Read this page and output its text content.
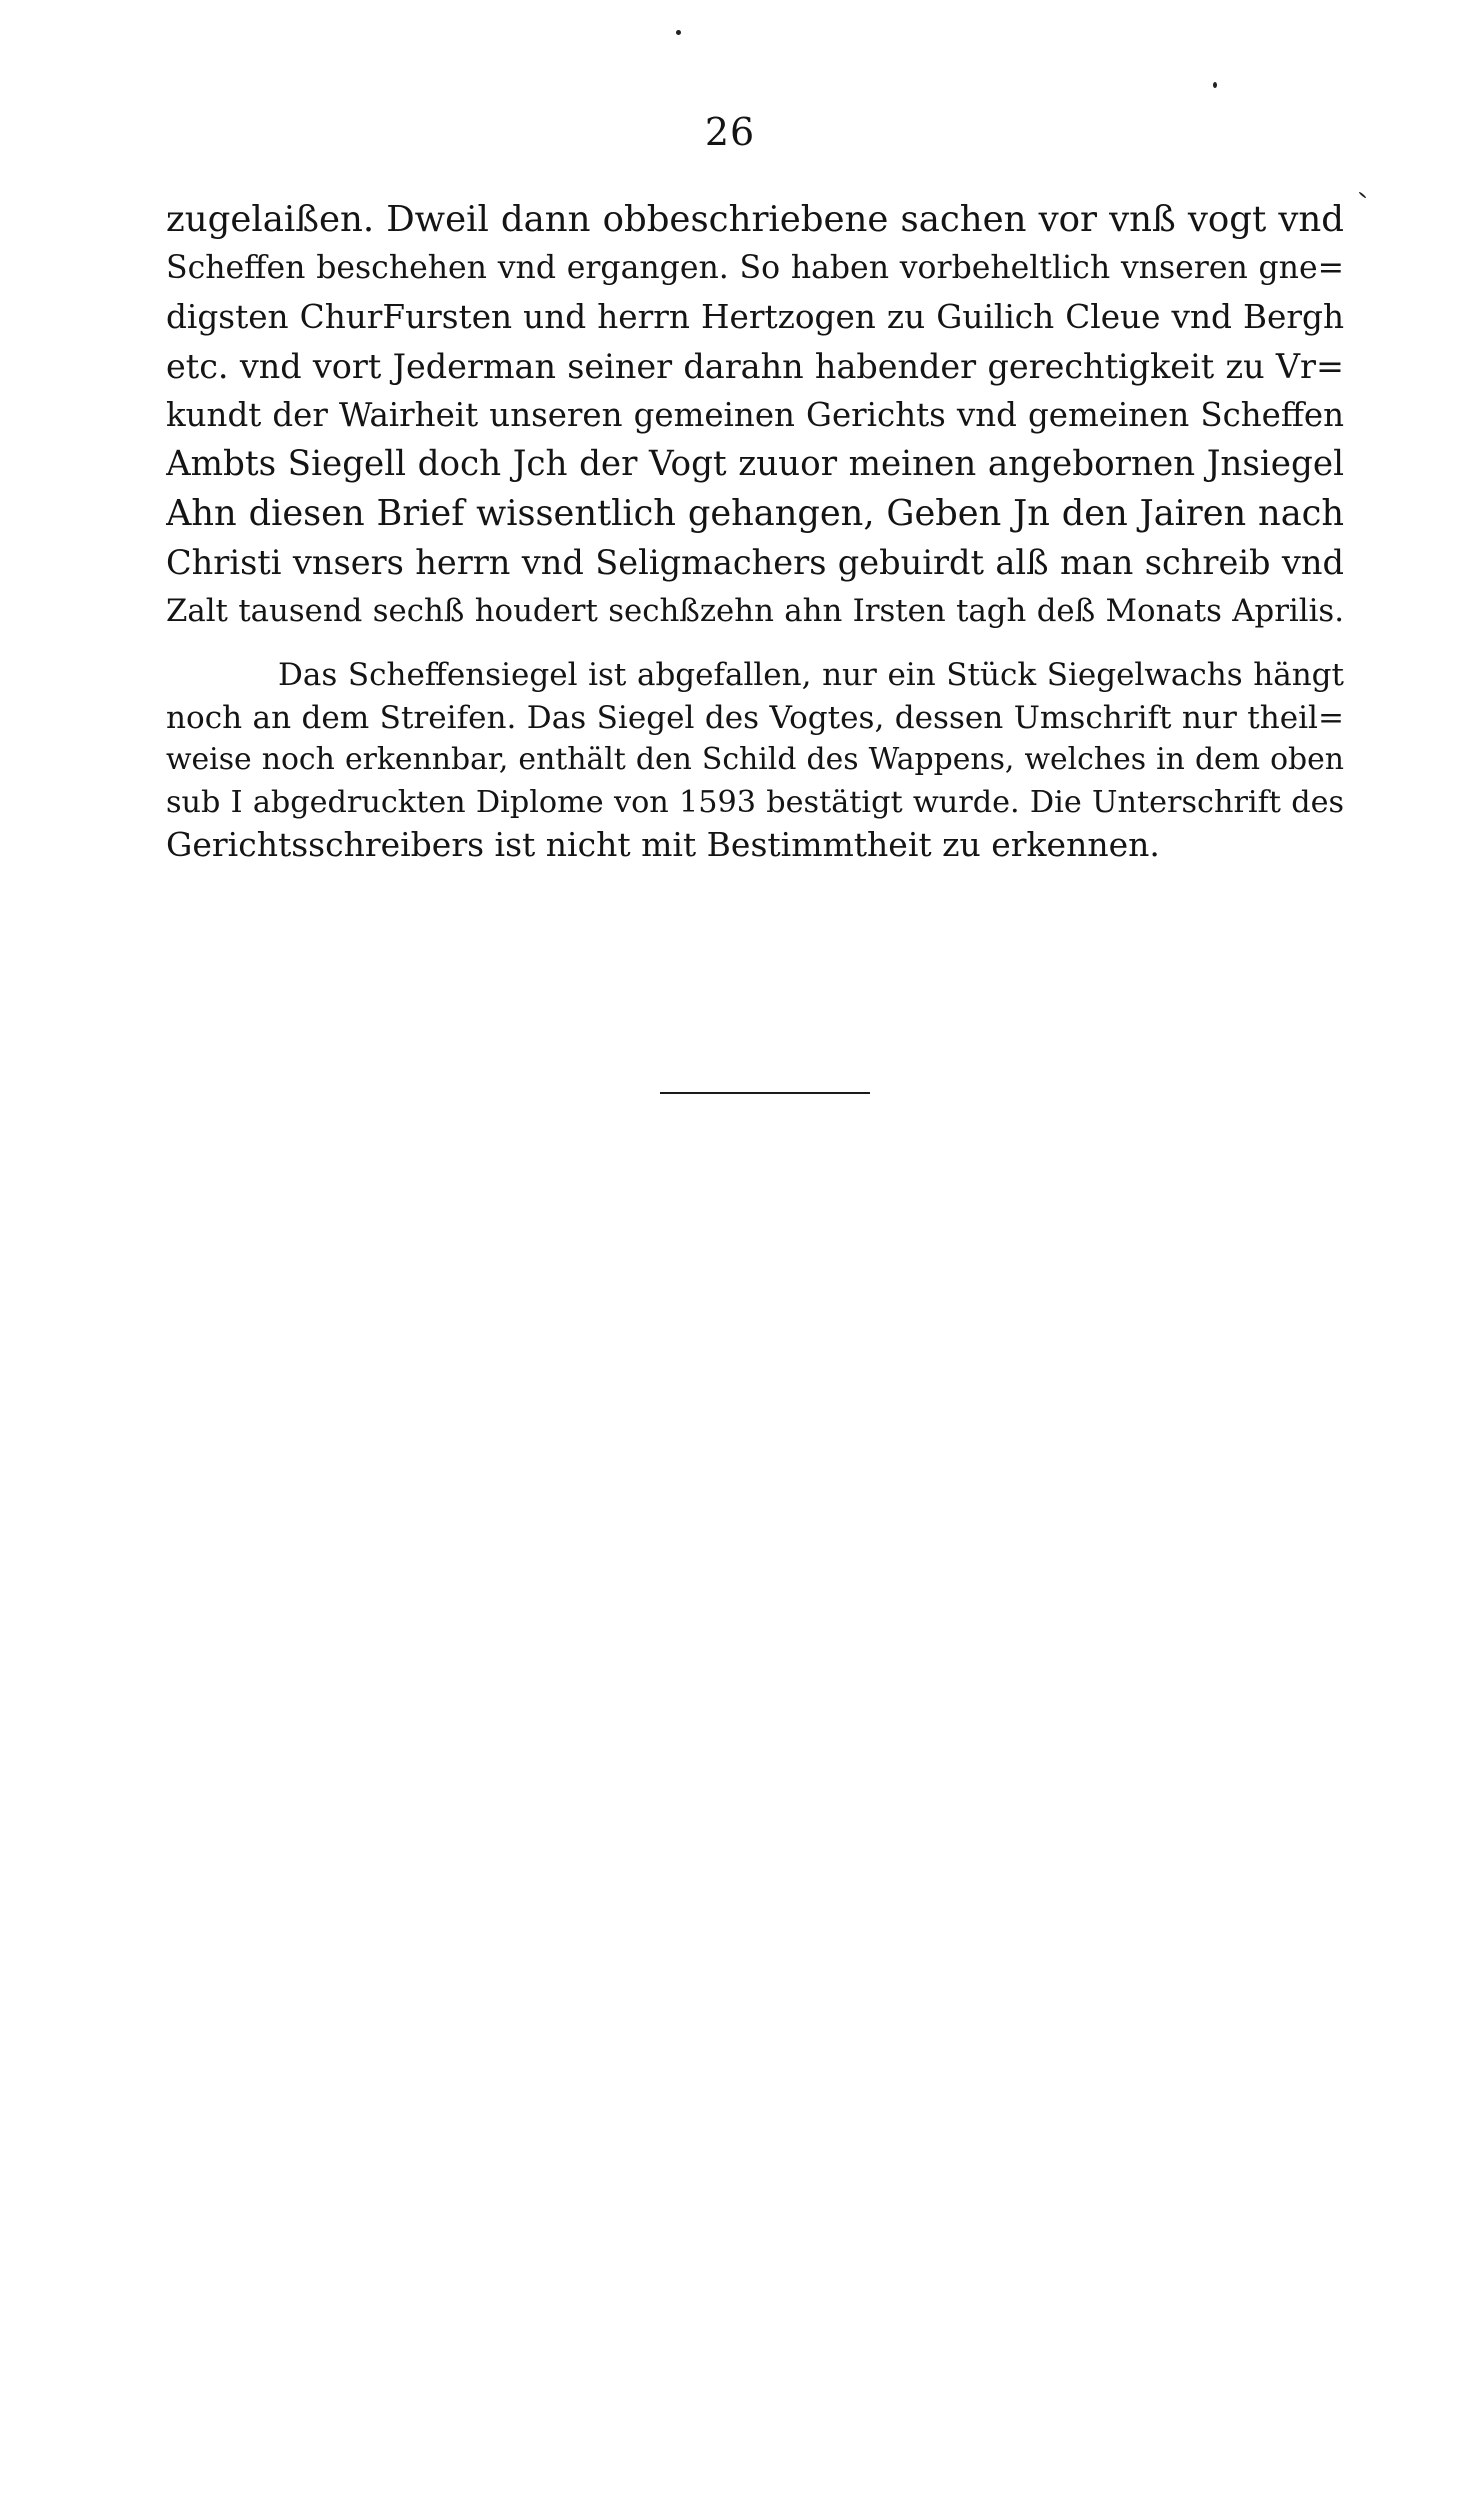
26
zugelaißen. Dweil dann obbeschriebene sachen vor vnß vogt vnd
Scheffen beschehen vnd ergangen. So haben vorbeheltlich vnseren gne=
digsten ChurFursten und herrn Hertzogen zu Guilich Cleue vnd Bergh
etc. vnd vort Jederman seiner darahn habender gerechtigkeit zu Vr=
kundt der Wairheit unseren gemeinen Gerichts vnd gemeinen Scheffen
Ambts Siegell doch Jch der Vogt zuuor meinen angebornen Jnsiegel
Ahn diesen Brief wissentlich gehangen, Geben Jn den Jairen nach
Christi vnsers herrn vnd Seligmachers gebuirdt alß man schreib vnd
Zalt tausend sechß houdert sechßzehn ahn Irsten tagh deß Monats Aprilis.
Das Scheffensiegel ist abgefallen, nur ein Stück Siegelwachs hängt
noch an dem Streifen. Das Siegel des Vogtes, dessen Umschrift nur theil=
weise noch erkennbar, enthält den Schild des Wappens, welches in dem oben
sub I abgedruckten Diplome von 1593 bestätigt wurde. Die Unterschrift des
Gerichtsschreibers ist nicht mit Bestimmtheit zu erkennen.
